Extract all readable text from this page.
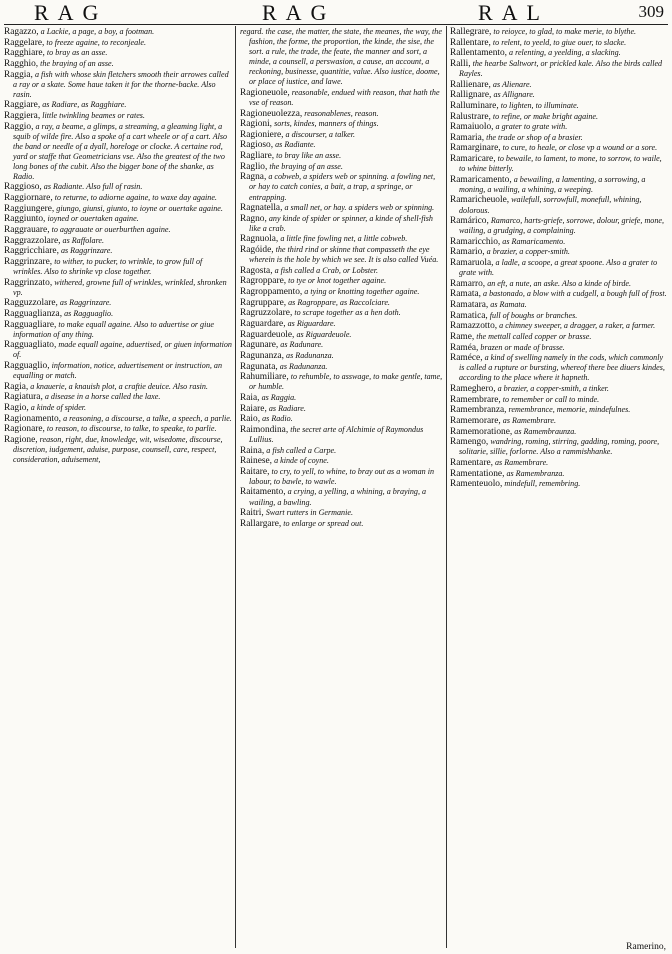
RAG	RAG	RAL	309
Ragazzo, a Lackie, a page, a boy, a footman.
Raggelare, to freeze againe, to reconjeale.
Ragghiare, to bray as an asse.
Ragghio, the braying of an asse.
Raggia, a fish with whose skin fletchers smooth their arrowes called a ray or a skate. Some haue taken it for the thorne-backe. Also rasin.
Raggiare, as Radiare, as Ragghiare.
Raggiera, little twinkling beames or rates.
Raggio, a ray, a beame, a glimps, a streaming, a gleaming light, a squib of wilde fire. Also a spoke of a cart wheele or of a cart. Also the band or needle of a dyall, horeloge or clocke. A certaine rod, yard or staffe that Geometricians vse. Also the greatest of the two long bones of the cubit. Also the bigger bone of the shanke, as Radio.
Raggioso, as Radiante. Also full of rasin.
Raggiornare, to returne, to adiorne againe, to waxe day againe.
Raggiungere, giungo, giunsi, giunto, to ioyne or ouertake againe.
Raggiunto, ioyned or ouertaken againe.
Raggrauare, to aggrauate or ouerburthen againe.
Raggrazzolare, as Raffolare.
Raggricchiare, as Raggrinzare.
Raggrinzare, to wither, to pucker, to wrinkle, to grow full of wrinkles. Also to shrinke vp close together.
Raggrinzato, withered, growne full of wrinkles, wrinkled, shronken vp.
Ragguzzolare, as Raggrinzare.
Ragguaglianza, as Ragguaglio.
Ragguagliare, to make equall againe. Also to aduertise or giue information of any thing.
Ragguagliato, made equall againe, aduertised, or giuen information of.
Ragguaglio, information, notice, aduertisement or instruction, an equalling or match.
Ragia, a knauerie, a knauish plot, a craftie deuice. Also rasin.
Ragiatura, a disease in a horse called the laxe.
Ragio, a kinde of spider.
Ragionamento, a reasoning, a discourse, a talke, a speech, a parlie.
Ragionare, to reason, to discourse, to talke, to speake, to parlie.
Ragione, reason, right, due, knowledge, wit, wisedome, discourse, discretion, iudgement, aduise, purpose, counsell, care, respect, consideration, aduisement,
regard. the case, the matter, the state, the meanes, the way, the fashion, the forme, the proportion, the kinde, the sise, the sort. a rule, the trade, the feate, the manner and sort, a minde, a counsell, a perswasion, a cause, an account, a reckoning, businesse, quantitie, value. Also iustice, doome, or place of iustice, and lawe.
Ragioneuole, reasonable, endued with reason, that hath the vse of reason.
Ragioneuolezza, reasonablenes, reason.
Ragioni, sorts, kindes, manners of things.
Ragioniere, a discourser, a talker.
Ragioso, as Radiante.
Ragliare, to bray like an asse.
Raglio, the braying of an asse.
Ragna, a cobweb, a spiders web or spinning. a fowling net, or hay to catch conies, a bait, a trap, a springe, or entrapping.
Ragnatella, a small net, or hay. a spiders web or spinning.
Ragno, any kinde of spider or spinner, a kinde of shell-fish like a crab.
Ragnuola, a little fine fowling net, a little cobweb.
Ragóide, the third rind or skinne that compasseth the eye wherein is the hole by which we see. It is also called Vuéa.
Ragosta, a fish called a Crab, or Lobster.
Ragroppare, to tye or knot together againe.
Ragroppamento, a tying or knotting together againe.
Ragruppare, as Ragroppare, as Raccolciare.
Ragruzzolare, to scrape together as a hen doth.
Raguardare, as Riguardare.
Raguardeuole, as Riguardeuole.
Ragunare, as Radunare.
Ragunanza, as Radunanza.
Ragunata, as Radunanza.
Rahumiliare, to rehumble, to asswage, to make gentle, tame, or humble.
Raia, as Raggia.
Raiare, as Radiare.
Raio, as Radio.
Raimondina, the secret arte of Alchimie of Raymondus Lullius.
Raina, a fish called a Carpe.
Rainese, a kinde of coyne.
Raitare, to cry, to yell, to whine, to bray out as a woman in labour, to bawle, to wawle.
Raitamento, a crying, a yelling, a whining, a braying, a wailing, a bawling.
Raitri, Swart rutters in Germanie.
Rallargare, to enlarge or spread out.
Rallegrare, to reioyce, to glad, to make merie, to blythe.
Rallentare, to relent, to yeeld, to giue ouer, to slacke.
Rallentamento, a relenting, a yeelding, a slacking.
Ralli, the hearbe Saltwort, or prickled kale. Also the birds called Rayles.
Rallienare, as Alienare.
Rallignare, as Allignare.
Ralluminare, to lighten, to illuminate.
Ralustrare, to refine, or make bright againe.
Ramaiuolo, a grater to grate with.
Ramaria, the trade or shop of a brasier.
Ramarginare, to cure, to heale, or close vp a wound or a sore.
Ramaricare, to bewaile, to lament, to mone, to sorrow, to waile, to whine bitterly.
Ramaricamento, a bewailing, a lamenting, a sorrowing, a moning, a wailing, a whining, a weeping.
Ramaricheuole, wailefull, sorrowfull, monefull, whining, dolorous.
Ramárico, Ramarco, harts-griefe, sorrowe, dolour, griefe, mone, wailing, a grudging, a complaining.
Ramaricchio, as Ramaricamento.
Ramario, a brazier, a copper-smith.
Ramaruola, a ladle, a scoope, a great spoone. Also a grater to grate with.
Ramarro, an eft, a nute, an aske. Also a kinde of birde.
Ramata, a bastonado, a blow with a cudgell, a bough full of frost.
Ramatara, as Ramata.
Ramatica, full of boughs or branches.
Ramazzotto, a chimney sweeper, a dragger, a raker, a farmer.
Rame, the mettall called copper or brasse.
Raméa, brazen or made of brasse.
Raméce, a kind of swelling namely in the cods, which commonly is called a rupture or bursting, whereof there bee diuers kindes, according to the place where it hapneth.
Rameghero, a brazier, a copper-smith, a tinker.
Ramembrare, to remember or call to minde.
Ramembranza, remembrance, memorie, mindefulnes.
Ramemorare, as Ramembrare.
Ramemoratione, as Ramembraunza.
Ramengo, wandring, roming, stirring, gadding, roming, poore, solitarie, sillie, forlorne. Also a rammishhanke.
Ramentare, as Ramembrare.
Ramentatione, as Ramembranza.
Ramenteuolo, mindefull, remembring.
Ramerino,
